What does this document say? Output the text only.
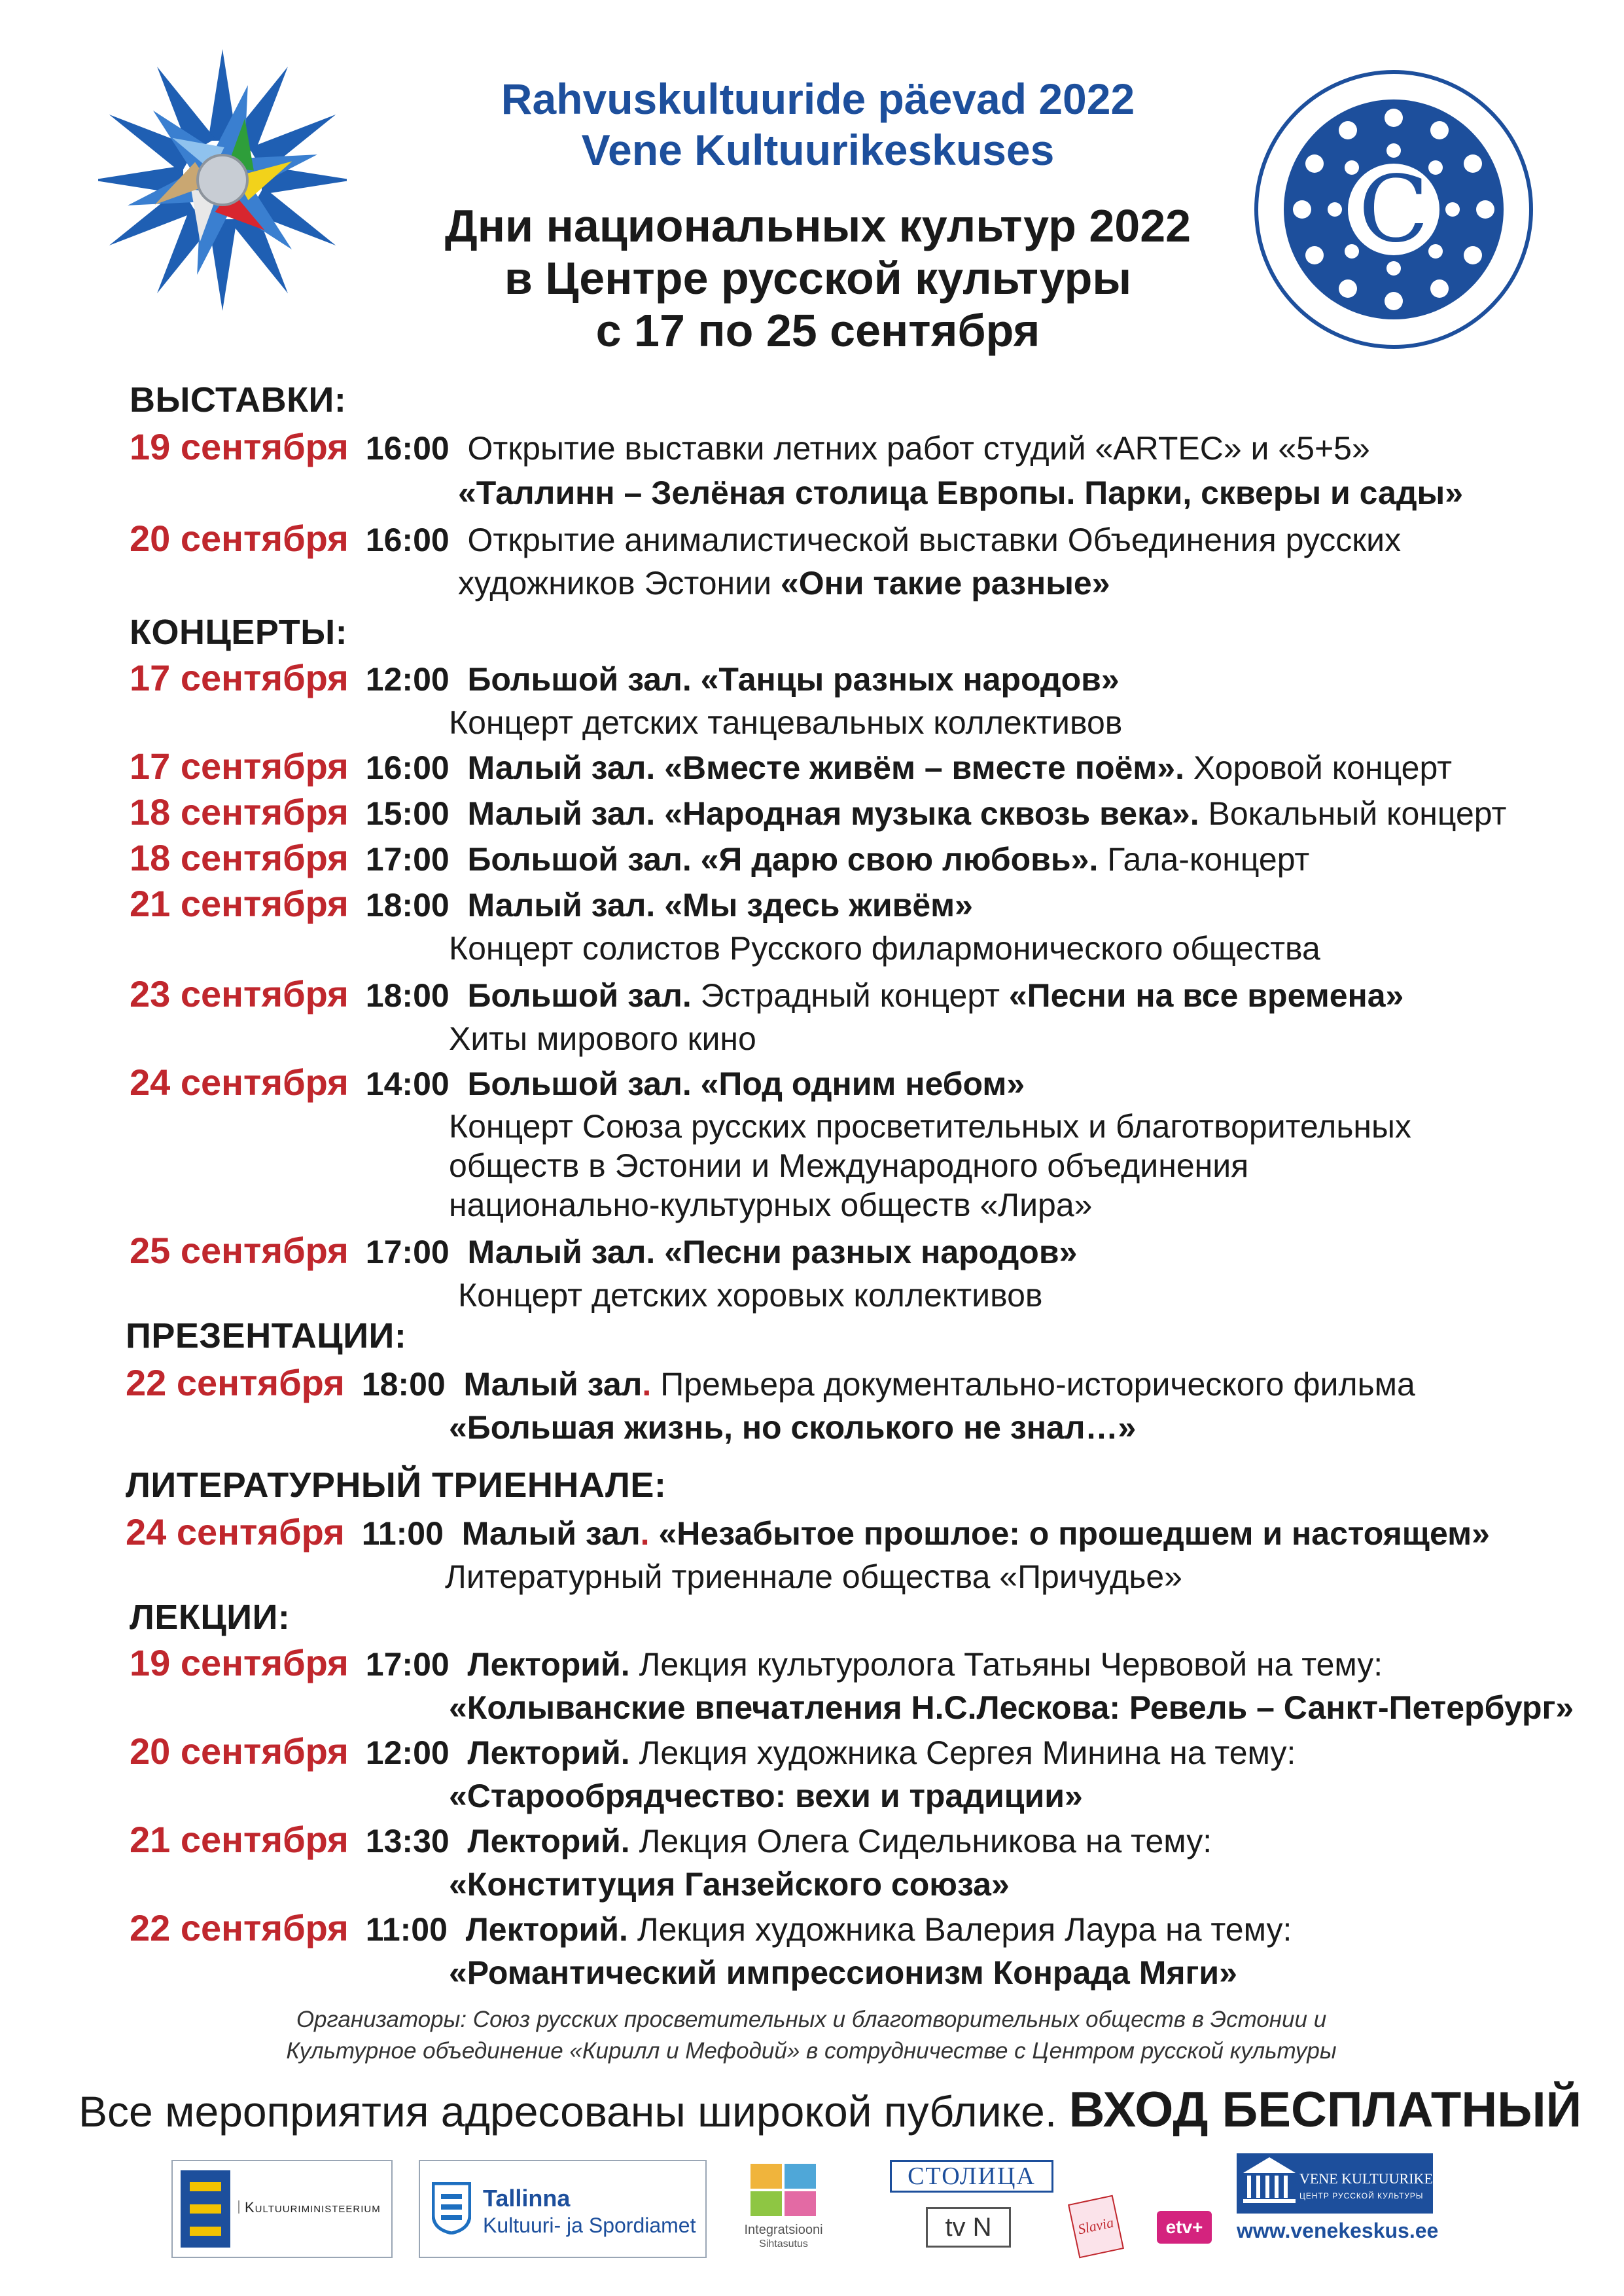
Rahvuskultuuride päevad 2022
Vene Kultuurikeskuses
Дни национальных культур 2022
в Центре русской культуры
с 17 по 25 сентября
С
ВЫСТАВКИ:
19 сентября 16:00 Открытие выставки летних работ студий «ARTEC» и «5+5»
«Таллинн – Зелёная столица Европы. Парки, скверы и сады»
20 сентября 16:00 Открытие анималистической выставки Объединения русских
художников Эстонии «Они такие разные»
КОНЦЕРТЫ:
17 сентября 12:00 Большой зал. «Танцы разных народов»
Концерт детских танцевальных коллективов
17 сентября 16:00 Малый зал. «Вместе живём – вместе поём». Хоровой концерт
18 сентября 15:00 Малый зал. «Народная музыка сквозь века». Вокальный концерт
18 сентября 17:00 Большой зал. «Я дарю свою любовь». Гала-концерт
21 сентября 18:00 Малый зал. «Мы здесь живём»
Концерт солистов Русского филармонического общества
23 сентября 18:00 Большой зал. Эстрадный концерт «Песни на все времена»
Хиты мирового кино
24 сентября 14:00 Большой зал. «Под одним небом»
Концерт Союза русских просветительных и благотворительных
обществ в Эстонии и Международного объединения
национально-культурных обществ «Лира»
25 сентября 17:00 Малый зал. «Песни разных народов»
Концерт детских хоровых коллективов
ПРЕЗЕНТАЦИИ:
22 сентября 18:00 Малый зал. Премьера документально-исторического фильма
«Большая жизнь, но сколького не знал…»
ЛИТЕРАТУРНЫЙ ТРИЕННАЛЕ:
24 сентября 11:00 Малый зал. «Незабытое прошлое: о прошедшем и настоящем»
Литературный триеннале общества «Причудье»
ЛЕКЦИИ:
19 сентября 17:00 Лекторий. Лекция культуролога Татьяны Червовой на тему:
«Колыванские впечатления Н.С.Лескова: Ревель – Санкт-Петербург»
20 сентября 12:00 Лекторий. Лекция художника Сергея Минина на тему:
«Старообрядчество: вехи и традиции»
21 сентября 13:30 Лекторий. Лекция Олега Сидельникова на тему:
«Конституция Ганзейского союза»
22 сентября 11:00 Лекторий. Лекция художника Валерия Лаура на тему:
«Романтический импрессионизм Конрада Мяги»
Организаторы: Союз русских просветительных и благотворительных обществ в Эстонии и
Культурное объединение «Кирилл и Мефодий» в сотрудничестве с Центром русской культуры
Все мероприятия адресованы широкой публике. ВХОД БЕСПЛАТНЫЙ
Kultuuriministeerium	Tallinna
Kultuuri- ja Spordiamet	Integratsiooni
Sihtasutus
СТОЛИЦА
tv N	Slavia	etv+
VENE KULTUURIKESKUS
ЦЕНТР РУССКОЙ КУЛЬТУРЫ
www.venekeskus.ee
